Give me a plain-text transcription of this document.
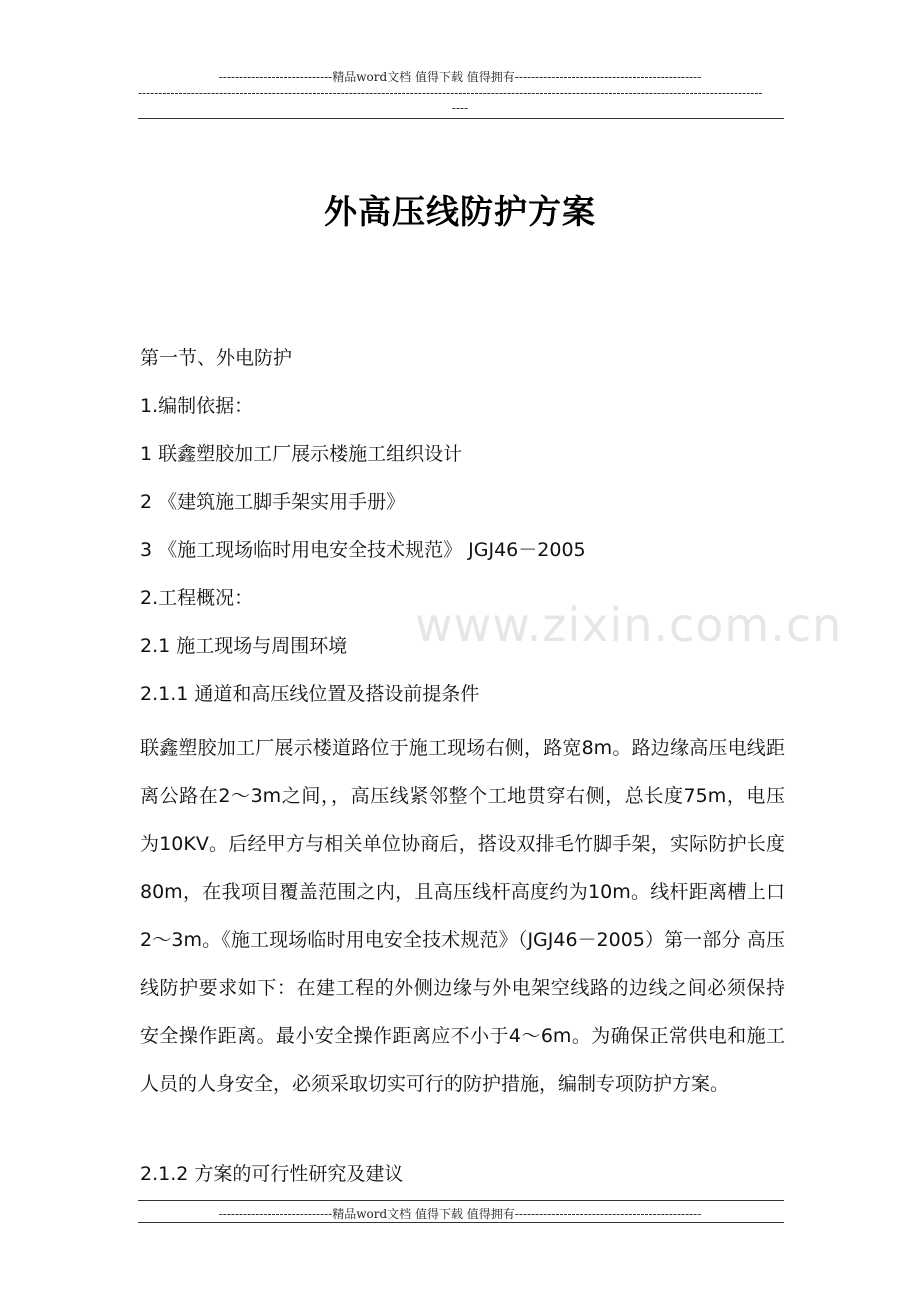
----------------------------精品word文档 值得下载 值得拥有----------------------------------------------
----------------------------------------------------------------------------------------------------------------------------------------------------------
----
www.zixin.com.cn
外高压线防护方案
第一节、外电防护
1.编制依据：
1 联鑫塑胶加工厂展示楼施工组织设计
2 《建筑施工脚手架实用手册》
3 《施工现场临时用电安全技术规范》 JGJ46－2005
2.工程概况：
2.1 施工现场与周围环境
2.1.1 通道和高压线位置及搭设前提条件

联鑫塑胶加工厂展示楼道路位于施工现场右侧，路宽8m。路边缘高压电线距离公路在2～3m之间，，高压线紧邻整个工地贯穿右侧，总长度75m，电压为10KV。后经甲方与相关单位协商后，搭设双排毛竹脚手架，实际防护长度80m，在我项目覆盖范围之内，且高压线杆高度约为10m。线杆距离槽上口2～3m。《施工现场临时用电安全技术规范》（JGJ46－2005）第一部分 高压线防护要求如下：在建工程的外侧边缘与外电架空线路的边线之间必须保持安全操作距离。最小安全操作距离应不小于4～6m。为确保正常供电和施工人员的人身安全，必须采取切实可行的防护措施，编制专项防护方案。

2.1.2 方案的可行性研究及建议
----------------------------精品word文档 值得下载 值得拥有----------------------------------------------
